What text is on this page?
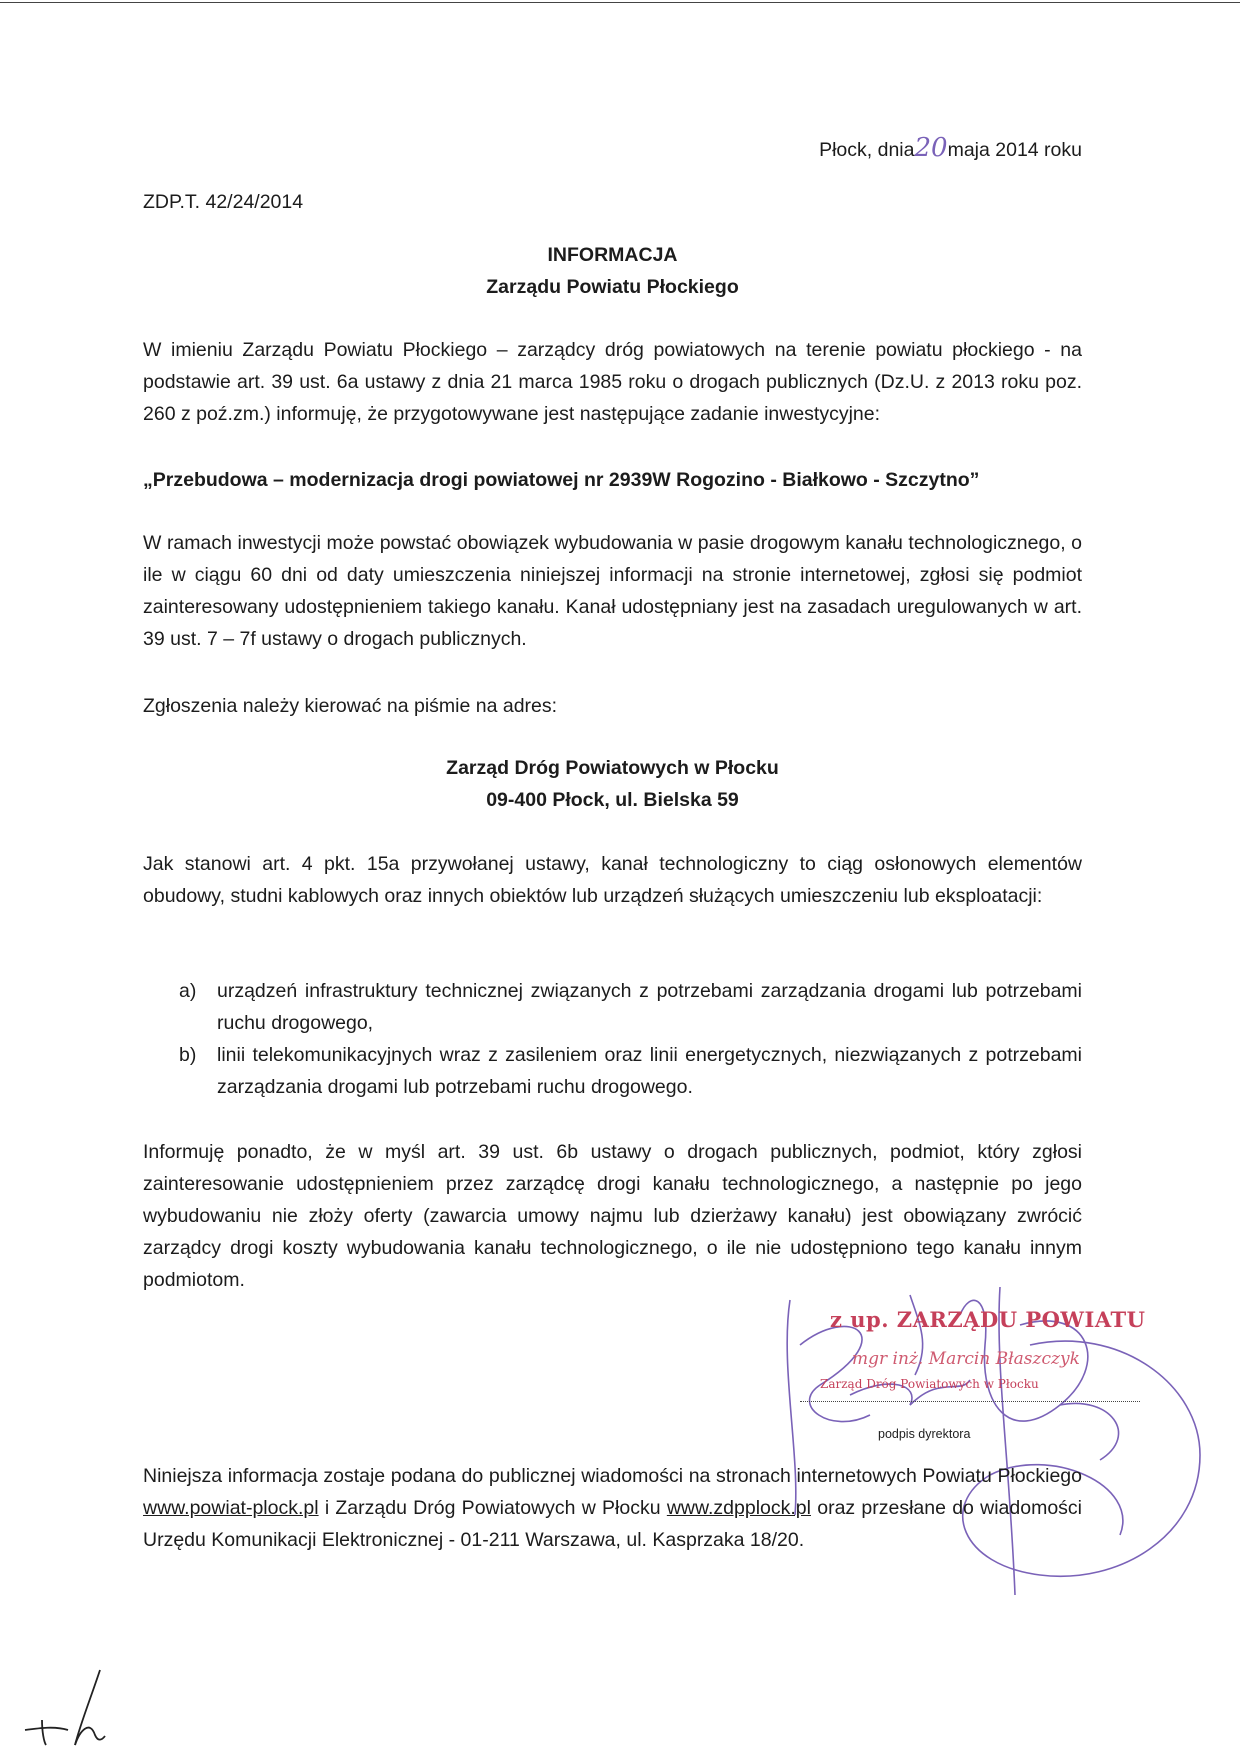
Płock, dnia20maja 2014 roku
ZDP.T. 42/24/2014
INFORMACJA
Zarządu Powiatu Płockiego
W imieniu Zarządu Powiatu Płockiego – zarządcy dróg powiatowych na terenie powiatu płockiego - na podstawie art. 39 ust. 6a ustawy z dnia 21 marca 1985 roku o drogach publicznych (Dz.U. z 2013 roku poz. 260 z poź.zm.) informuję, że przygotowywane jest następujące zadanie inwestycyjne:
„Przebudowa – modernizacja drogi powiatowej nr 2939W Rogozino - Białkowo - Szczytno”
W ramach inwestycji może powstać obowiązek wybudowania w pasie drogowym kanału technologicznego, o ile w ciągu 60 dni od daty umieszczenia niniejszej informacji na stronie internetowej, zgłosi się podmiot zainteresowany udostępnieniem takiego kanału. Kanał udostępniany jest na zasadach uregulowanych w art. 39 ust. 7 – 7f ustawy o drogach publicznych.
Zgłoszenia należy kierować na piśmie na adres:
Zarząd Dróg Powiatowych w Płocku
09-400 Płock, ul. Bielska 59
Jak stanowi art. 4 pkt. 15a przywołanej ustawy, kanał technologiczny to ciąg osłonowych elementów obudowy, studni kablowych oraz innych obiektów lub urządzeń służących umieszczeniu lub eksploatacji:
a) urządzeń infrastruktury technicznej związanych z potrzebami zarządzania drogami lub potrzebami ruchu drogowego,
b) linii telekomunikacyjnych wraz z zasileniem oraz linii energetycznych, niezwiązanych z potrzebami zarządzania drogami lub potrzebami ruchu drogowego.
Informuję ponadto, że w myśl art. 39 ust. 6b ustawy o drogach publicznych, podmiot, który zgłosi zainteresowanie udostępnieniem przez zarządcę drogi kanału technologicznego, a następnie po jego wybudowaniu nie złoży oferty (zawarcia umowy najmu lub dzierżawy kanału) jest obowiązany zwrócić zarządcy drogi koszty wybudowania kanału technologicznego, o ile nie udostępniono tego kanału innym podmiotom.
z up. ZARZĄDU POWIATU
mgr inż. Marcin Błaszczyk
Zarząd Dróg Powiatowych w Płocku
podpis dyrektora
Niniejsza informacja zostaje podana do publicznej wiadomości na stronach internetowych Powiatu Płockiego www.powiat-plock.pl i Zarządu Dróg Powiatowych w Płocku www.zdpplock.pl oraz przesłane do wiadomości Urzędu Komunikacji Elektronicznej - 01-211 Warszawa, ul. Kasprzaka 18/20.
